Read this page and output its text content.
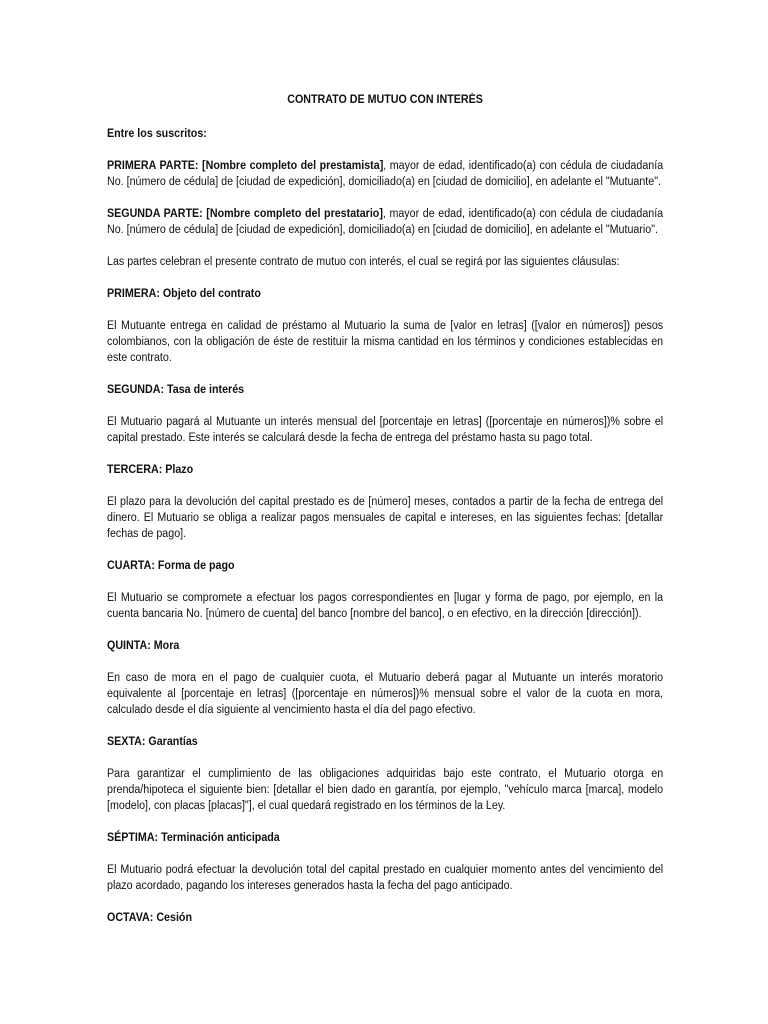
CONTRATO DE MUTUO CON INTERÉS

Entre los suscritos:

PRIMERA PARTE: [Nombre completo del prestamista], mayor de edad, identificado(a) con cédula de ciudadanía No. [número de cédula] de [ciudad de expedición], domiciliado(a) en [ciudad de domicilio], en adelante el "Mutuante".

SEGUNDA PARTE: [Nombre completo del prestatario], mayor de edad, identificado(a) con cédula de ciudadanía No. [número de cédula] de [ciudad de expedición], domiciliado(a) en [ciudad de domicilio], en adelante el "Mutuario".

Las partes celebran el presente contrato de mutuo con interés, el cual se regirá por las siguientes cláusulas:

PRIMERA: Objeto del contrato

El Mutuante entrega en calidad de préstamo al Mutuario la suma de [valor en letras] ([valor en números]) pesos colombianos, con la obligación de éste de restituir la misma cantidad en los términos y condiciones establecidas en este contrato.

SEGUNDA: Tasa de interés

El Mutuario pagará al Mutuante un interés mensual del [porcentaje en letras] ([porcentaje en números])% sobre el capital prestado. Este interés se calculará desde la fecha de entrega del préstamo hasta su pago total.

TERCERA: Plazo

El plazo para la devolución del capital prestado es de [número] meses, contados a partir de la fecha de entrega del dinero. El Mutuario se obliga a realizar pagos mensuales de capital e intereses, en las siguientes fechas: [detallar fechas de pago].

CUARTA: Forma de pago

El Mutuario se compromete a efectuar los pagos correspondientes en [lugar y forma de pago, por ejemplo, en la cuenta bancaria No. [número de cuenta] del banco [nombre del banco], o en efectivo, en la dirección [dirección]).

QUINTA: Mora

En caso de mora en el pago de cualquier cuota, el Mutuario deberá pagar al Mutuante un interés moratorio equivalente al [porcentaje en letras] ([porcentaje en números])% mensual sobre el valor de la cuota en mora, calculado desde el día siguiente al vencimiento hasta el día del pago efectivo.

SEXTA: Garantías

Para garantizar el cumplimiento de las obligaciones adquiridas bajo este contrato, el Mutuario otorga en prenda/hipoteca el siguiente bien: [detallar el bien dado en garantía, por ejemplo, "vehículo marca [marca], modelo [modelo], con placas [placas]"], el cual quedará registrado en los términos de la Ley.

SÉPTIMA: Terminación anticipada

El Mutuario podrá efectuar la devolución total del capital prestado en cualquier momento antes del vencimiento del plazo acordado, pagando los intereses generados hasta la fecha del pago anticipado.

OCTAVA: Cesión
